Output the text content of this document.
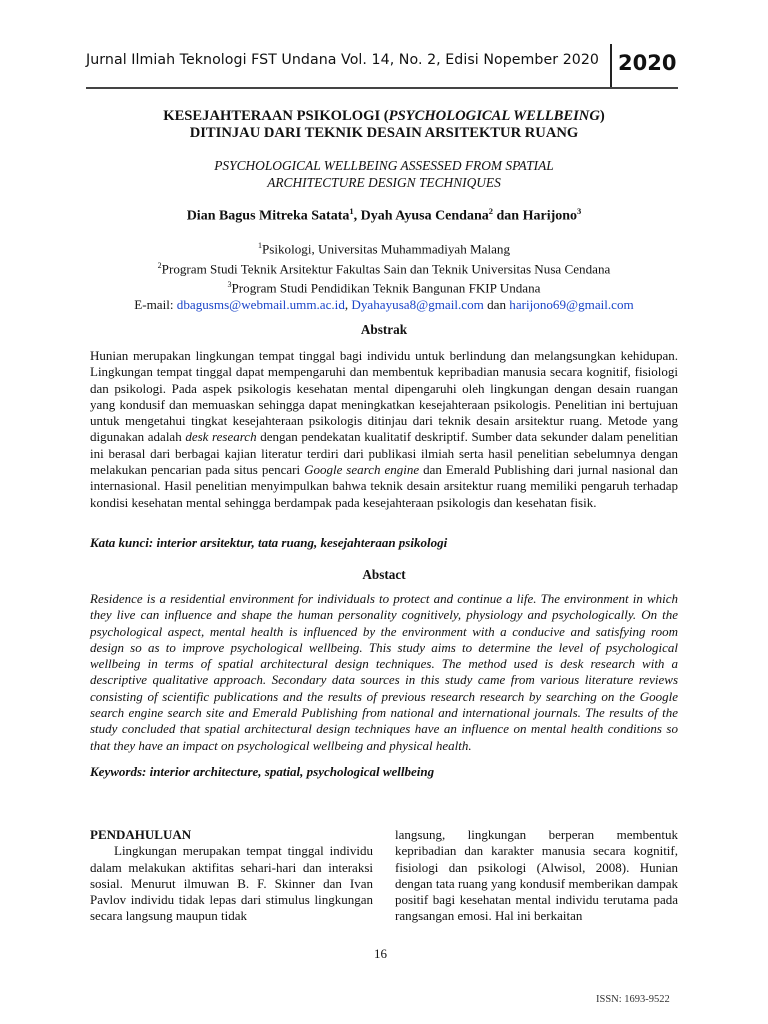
Jurnal Ilmiah Teknologi FST Undana Vol. 14, No. 2, Edisi Nopember 2020 2020
KESEJAHTERAAN PSIKOLOGI (PSYCHOLOGICAL WELLBEING)
DITINJAU DARI TEKNIK DESAIN ARSITEKTUR RUANG
PSYCHOLOGICAL WELLBEING ASSESSED FROM SPATIAL
ARCHITECTURE DESIGN TECHNIQUES
Dian Bagus Mitreka Satata$^1$, Dyah Ayusa Cendana$^2$ dan Harijono$^3$
$^1$Psikologi, Universitas Muhammadiyah Malang
$^2$Program Studi Teknik Arsitektur Fakultas Sain dan Teknik Universitas Nusa Cendana
$^3$Program Studi Pendidikan Teknik Bangunan FKIP Undana
E-mail: dbagusms@webmail.umm.ac.id, Dyahayusa8@gmail.com dan harijono69@gmail.com
Abstrak
Hunian merupakan lingkungan tempat tinggal bagi individu untuk berlindung dan melangsungkan kehidupan. Lingkungan tempat tinggal dapat mempengaruhi dan membentuk kepribadian manusia secara kognitif, fisiologi dan psikologi. Pada aspek psikologis kesehatan mental dipengaruhi oleh lingkungan dengan desain ruangan yang kondusif dan memuaskan sehingga dapat meningkatkan kesejahteraan psikologis. Penelitian ini bertujuan untuk mengetahui tingkat kesejahteraan psikologis ditinjau dari teknik desain arsitektur ruang. Metode yang digunakan adalah desk research dengan pendekatan kualitatif deskriptif. Sumber data sekunder dalam penelitian ini berasal dari berbagai kajian literatur terdiri dari publikasi ilmiah serta hasil penelitian sebelumnya dengan melakukan pencarian pada situs pencari Google search engine dan Emerald Publishing dari jurnal nasional dan internasional. Hasil penelitian menyimpulkan bahwa teknik desain arsitektur ruang memiliki pengaruh terhadap kondisi kesehatan mental sehingga berdampak pada kesejahteraan psikologis dan kesehatan fisik.
Kata kunci: interior arsitektur, tata ruang, kesejahteraan psikologi
Abstact
Residence is a residential environment for individuals to protect and continue a life. The environment in which they live can influence and shape the human personality cognitively, physiology and psychologically. On the psychological aspect, mental health is influenced by the environment with a conducive and satisfying room design so as to improve psychological wellbeing. This study aims to determine the level of psychological wellbeing in terms of spatial architectural design techniques. The method used is desk research with a descriptive qualitative approach. Secondary data sources in this study came from various literature reviews consisting of scientific publications and the results of previous research research by searching on the Google search engine search site and Emerald Publishing from national and international journals. The results of the study concluded that spatial architectural design techniques have an influence on mental health conditions so that they have an impact on psychological wellbeing and physical health.
Keywords: interior architecture, spatial, psychological wellbeing
PENDAHULUAN
Lingkungan merupakan tempat tinggal individu dalam melakukan aktifitas sehari-hari dan interaksi sosial. Menurut ilmuwan B. F. Skinner dan Ivan Pavlov individu tidak lepas dari stimulus lingkungan secara langsung maupun tidak
langsung, lingkungan berperan membentuk kepribadian dan karakter manusia secara kognitif, fisiologi dan psikologi (Alwisol, 2008). Hunian dengan tata ruang yang kondusif memberikan dampak positif bagi kesehatan mental individu terutama pada rangsangan emosi. Hal ini berkaitan
16
ISSN: 1693-9522
